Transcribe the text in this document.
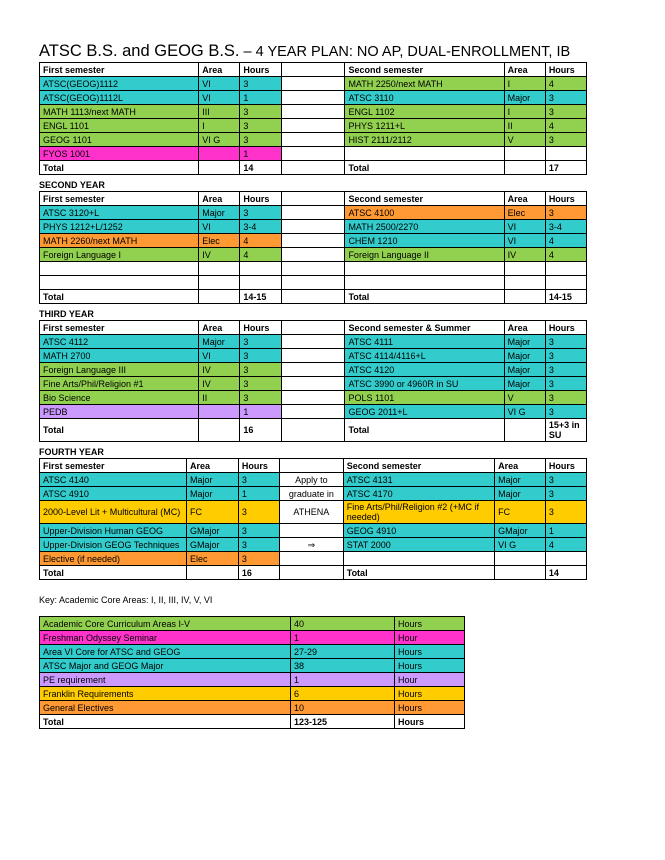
ATSC B.S. and GEOG B.S. – 4 YEAR PLAN: NO AP, DUAL-ENROLLMENT, IB
First semester	Area	Hours		Second semester	Area	Hours
ATSC(GEOG)1112	VI	3		MATH 2250/next MATH	I	4
ATSC(GEOG)1112L	VI	1		ATSC 3110	Major	3
MATH 1113/next MATH	III	3		ENGL 1102	I	3
ENGL 1101	I	3		PHYS 1211+L	II	4
GEOG 1101	VI G	3		HIST 2111/2112	V	3
FYOS 1001		1				
Total		14		Total		17
SECOND YEAR
First semester	Area	Hours		Second semester	Area	Hours
ATSC 3120+L	Major	3		ATSC 4100	Elec	3
PHYS 1212+L/1252	VI	3-4		MATH 2500/2270	VI	3-4
MATH 2260/next MATH	Elec	4		CHEM 1210	VI	4
Foreign Language I	IV	4		Foreign Language II	IV	4

Total		14-15		Total		14-15
THIRD YEAR
First semester	Area	Hours		Second semester & Summer	Area	Hours
ATSC 4112	Major	3		ATSC 4111	Major	3
MATH 2700	VI	3		ATSC 4114/4116+L	Major	3
Foreign Language III	IV	3		ATSC 4120	Major	3
Fine Arts/Phil/Religion #1	IV	3		ATSC 3990 or 4960R in SU	Major	3
Bio Science	II	3		POLS 1101	V	3
PEDB		1		GEOG 2011+L	VI G	3
Total		16		Total		15+3 in SU
FOURTH YEAR
First semester	Area	Hours		Second semester	Area	Hours
ATSC 4140	Major	3	Apply to	ATSC 4131	Major	3
ATSC 4910	Major	1	graduate in	ATSC 4170	Major	3
2000-Level Lit + Multicultural (MC)	FC	3	ATHENA	Fine Arts/Phil/Religion #2 (+MC if needed)	FC	3
Upper-Division Human GEOG	GMajor	3		GEOG 4910	GMajor	1
Upper-Division GEOG Techniques	GMajor	3	⇒	STAT 2000	VI G	4
Elective (if needed)	Elec	3				
Total		16		Total		14
Key: Academic Core Areas: I, II, III, IV, V, VI
Academic Core Curriculum Areas I-V	40	Hours
Freshman Odyssey Seminar	1	Hour
Area VI Core for ATSC and GEOG	27-29	Hours
ATSC Major and GEOG Major	38	Hours
PE requirement	1	Hour
Franklin Requirements	6	Hours
General Electives	10	Hours
Total	123-125	Hours
